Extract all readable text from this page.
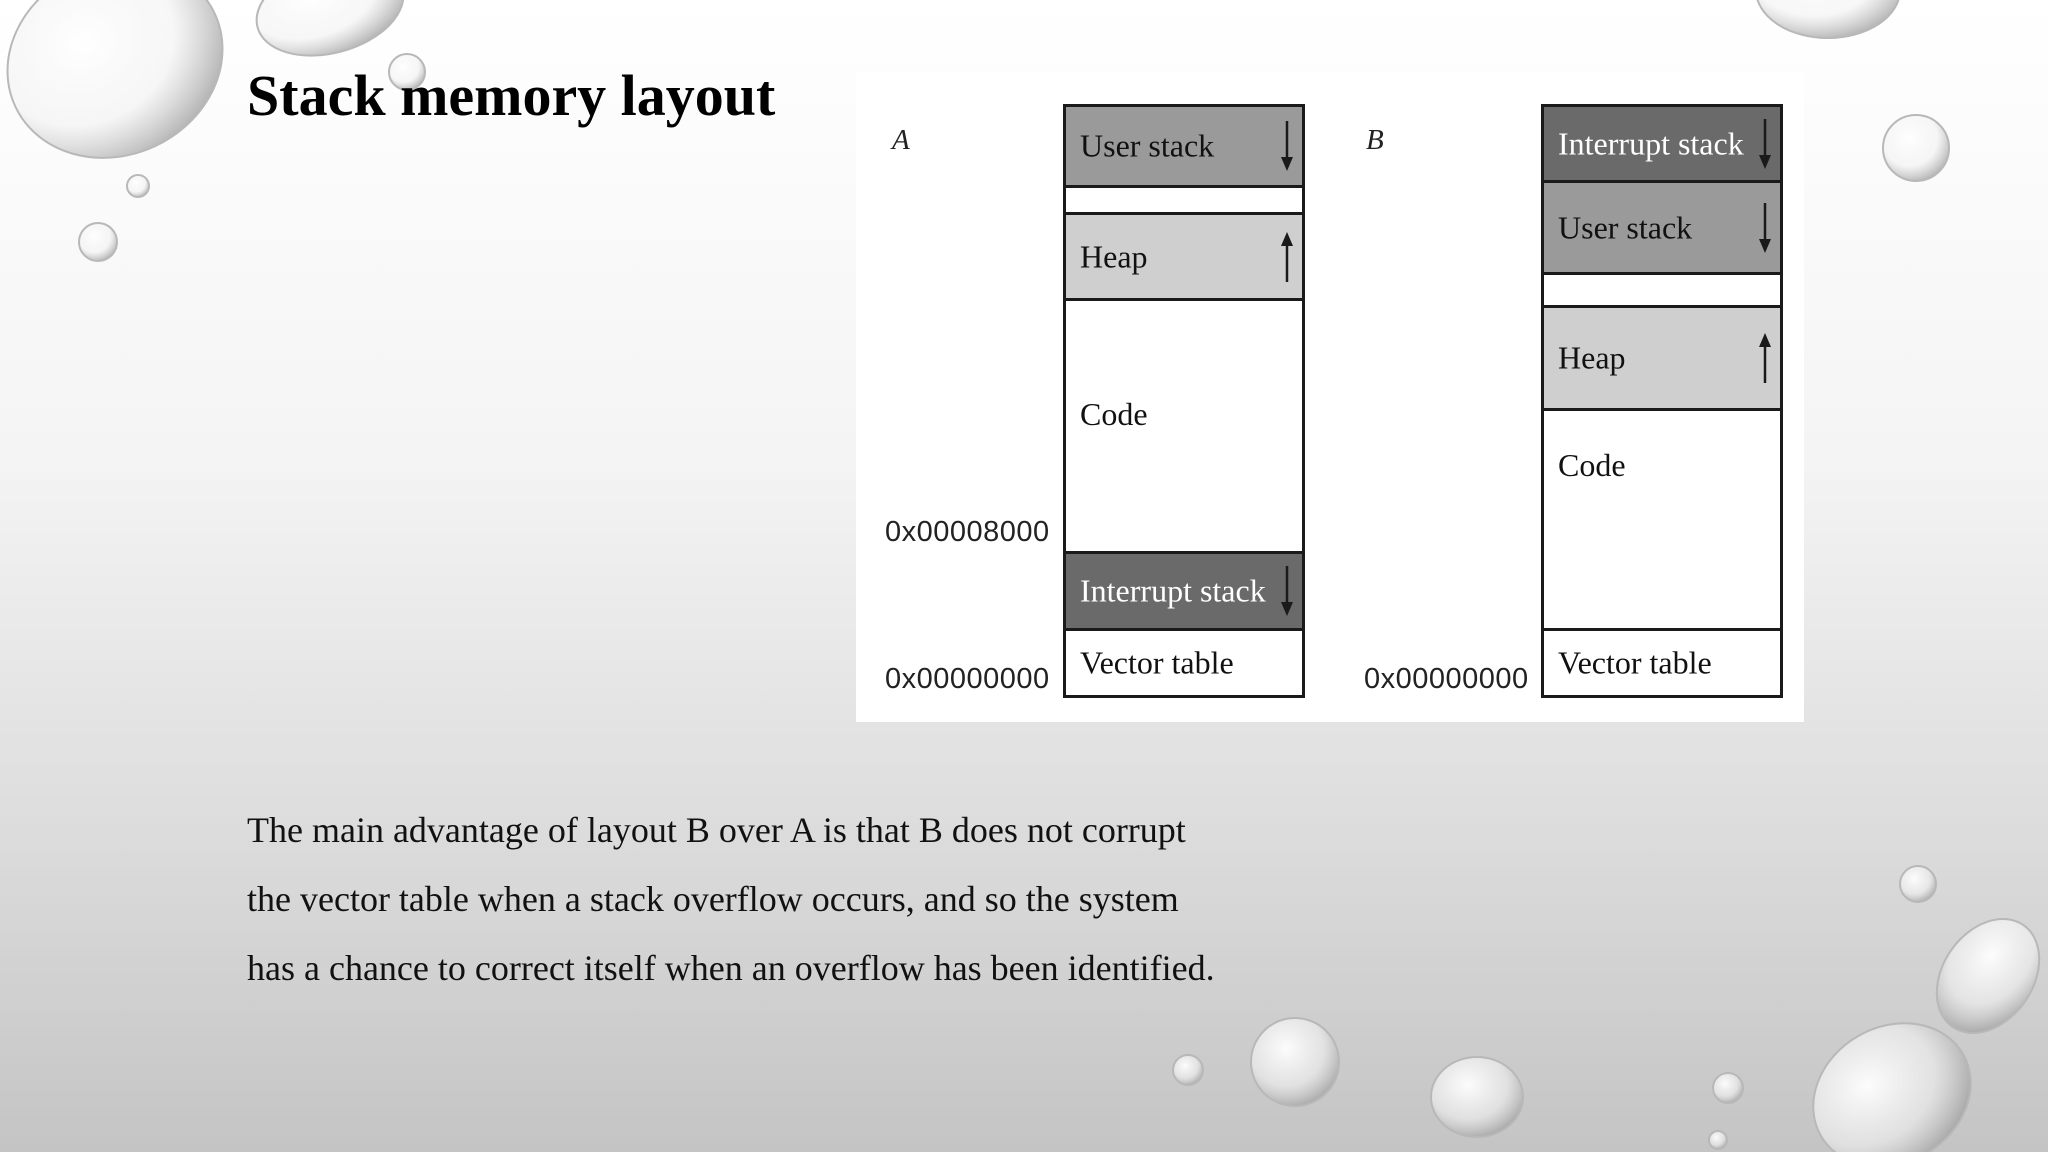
Stack memory layout
A
0x00008000
0x00000000
User stack
Heap
Code
Interrupt stack
Vector table
B
0x00000000
Interrupt stack
User stack
Heap
Code
Vector table

The main advantage of layout B over A is that B does not corrupt
the vector table when a stack overflow occurs, and so the system
has a chance to correct itself when an overflow has been identified.
